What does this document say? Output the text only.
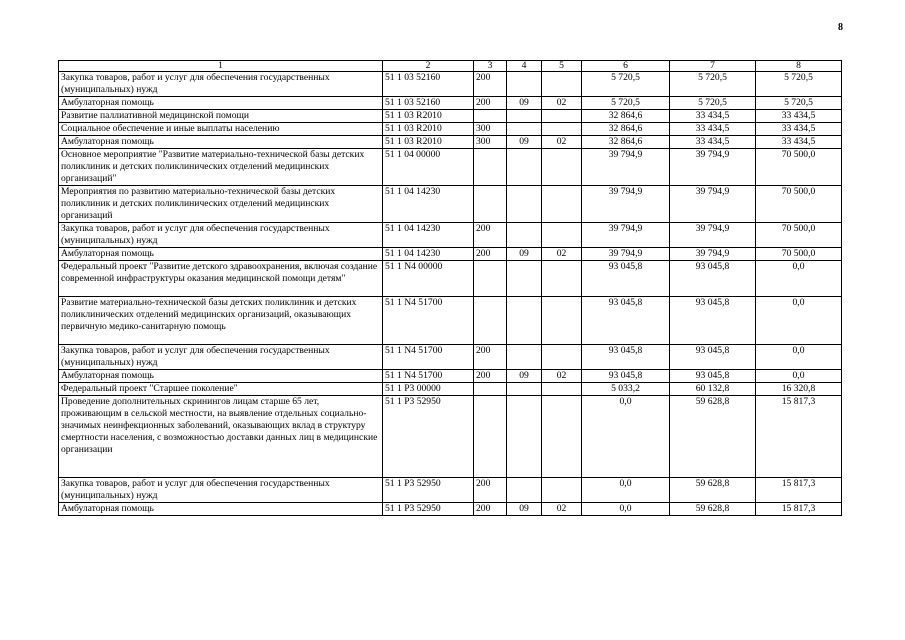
8
1	2	3	4	5	6	7	8
Закупка товаров, работ и услуг для обеспечения государственных (муниципальных) нужд	51 1 03 52160	200			5 720,5	5 720,5	5 720,5
Амбулаторная помощь	51 1 03 52160	200	09	02	5 720,5	5 720,5	5 720,5
Развитие паллиативной медицинской помощи	51 1 03 R2010				32 864,6	33 434,5	33 434,5
Социальное обеспечение и иные выплаты населению	51 1 03 R2010	300			32 864,6	33 434,5	33 434,5
Амбулаторная помощь	51 1 03 R2010	300	09	02	32 864,6	33 434,5	33 434,5
Основное мероприятие "Развитие материально-технической базы детских поликлиник и детских поликлинических отделений медицинских организаций"	51 1 04 00000				39 794,9	39 794,9	70 500,0
Мероприятия по развитию материально-технической базы детских поликлиник и детских поликлинических отделений медицинских организаций	51 1 04 14230				39 794,9	39 794,9	70 500,0
Закупка товаров, работ и услуг для обеспечения государственных (муниципальных) нужд	51 1 04 14230	200			39 794,9	39 794,9	70 500,0
Амбулаторная помощь	51 1 04 14230	200	09	02	39 794,9	39 794,9	70 500,0
Федеральный проект "Развитие детского здравоохранения, включая создание современной инфраструктуры оказания медицинской помощи детям"	51 1 N4 00000				93 045,8	93 045,8	0,0
Развитие материально-технической базы детских поликлиник и детских поликлинических отделений медицинских организаций, оказывающих первичную медико-санитарную помощь	51 1 N4 51700				93 045,8	93 045,8	0,0
Закупка товаров, работ и услуг для обеспечения государственных (муниципальных) нужд	51 1 N4 51700	200			93 045,8	93 045,8	0,0
Амбулаторная помощь	51 1 N4 51700	200	09	02	93 045,8	93 045,8	0,0
Федеральный проект "Старшее поколение"	51 1 P3 00000				5 033,2	60 132,8	16 320,8
Проведение дополнительных скринингов лицам старше 65 лет, проживающим в сельской местности, на выявление отдельных социально-значимых неинфекционных заболеваний, оказывающих вклад в структуру смертности населения, с возможностью доставки данных лиц в медицинские организации	51 1 P3 52950				0,0	59 628,8	15 817,3
Закупка товаров, работ и услуг для обеспечения государственных (муниципальных) нужд	51 1 P3 52950	200			0,0	59 628,8	15 817,3
Амбулаторная помощь	51 1 P3 52950	200	09	02	0,0	59 628,8	15 817,3
